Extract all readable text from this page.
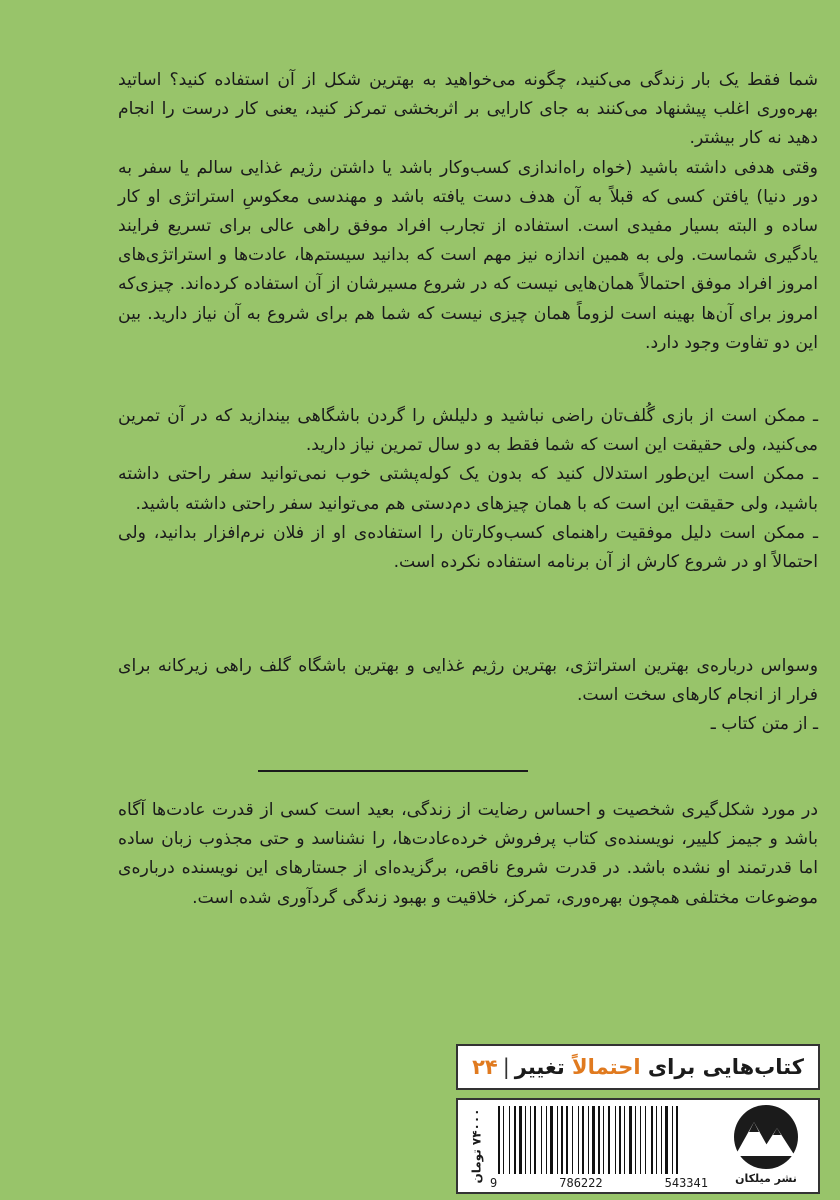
شما فقط یک بار زندگی می‌کنید، چگونه می‌خواهید به بهترین شکل از آن استفاده کنید؟ اساتید بهره‌وری اغلب پیشنهاد می‌کنند به جای کارایی بر اثربخشی تمرکز کنید، یعنی کار درست را انجام دهید نه کار بیشتر.

وقتی هدفی داشته باشید (خواه راه‌اندازی کسب‌وکار باشد یا داشتن رژیم غذایی سالم یا سفر به دور دنیا) یافتن کسی که قبلاً به آن هدف دست یافته باشد و مهندسی معکوسِ استراتژی او کار ساده و البته بسیار مفیدی است. استفاده از تجارب افراد موفق راهی عالی برای تسریع فرایند یادگیری شماست. ولی به همین اندازه نیز مهم است که بدانید سیستم‌ها، عادت‌ها و استراتژی‌های امروز افراد موفق احتمالاً همان‌هایی نیست که در شروع مسیرشان از آن استفاده کرده‌اند. چیزی‌که امروز برای آن‌ها بهینه است لزوماً همان چیزی نیست که شما هم برای شروع به آن نیاز دارید. بین این دو تفاوت وجود دارد.

ـ ممکن است از بازی گُلف‌تان راضی نباشید و دلیلش را گردن باشگاهی بیندازید که در آن تمرین می‌کنید، ولی حقیقت این است که شما فقط به دو سال تمرین نیاز دارید.

ـ ممکن است این‌طور استدلال کنید که بدون یک کوله‌پشتی خوب نمی‌توانید سفر راحتی داشته باشید، ولی حقیقت این است که با همان چیزهای دم‌دستی هم می‌توانید سفر راحتی داشته باشید.

ـ ممکن است دلیل موفقیت راهنمای کسب‌وکارتان را استفاده‌ی او از فلان نرم‌افزار بدانید، ولی احتمالاً او در شروع کارش از آن برنامه استفاده نکرده است.

وسواس درباره‌ی بهترین استراتژی، بهترین رژیم غذایی و بهترین باشگاه گلف راهی زیرکانه برای فرار از انجام کارهای سخت است.

ـ از متن کتاب ـ

در مورد شکل‌گیری شخصیت و احساس رضایت از زندگی، بعید است کسی از قدرت عادت‌ها آگاه باشد و جیمز کلییر، نویسنده‌ی کتاب پرفروش خرده‌عادت‌ها، را نشناسد و حتی مجذوب زبان ساده اما قدرتمند او نشده باشد. در قدرت شروع ناقص، برگزیده‌ای از جستارهای این نویسنده درباره‌ی موضوعات مختلفی همچون بهره‌وری، تمرکز، خلاقیت و بهبود زندگی گردآوری شده است.

کتاب‌هایی برای

احتمالاً

تغییر
|
۲۴
۷۴۰۰۰ تومان
9	786222	543341 نشر میلکان
